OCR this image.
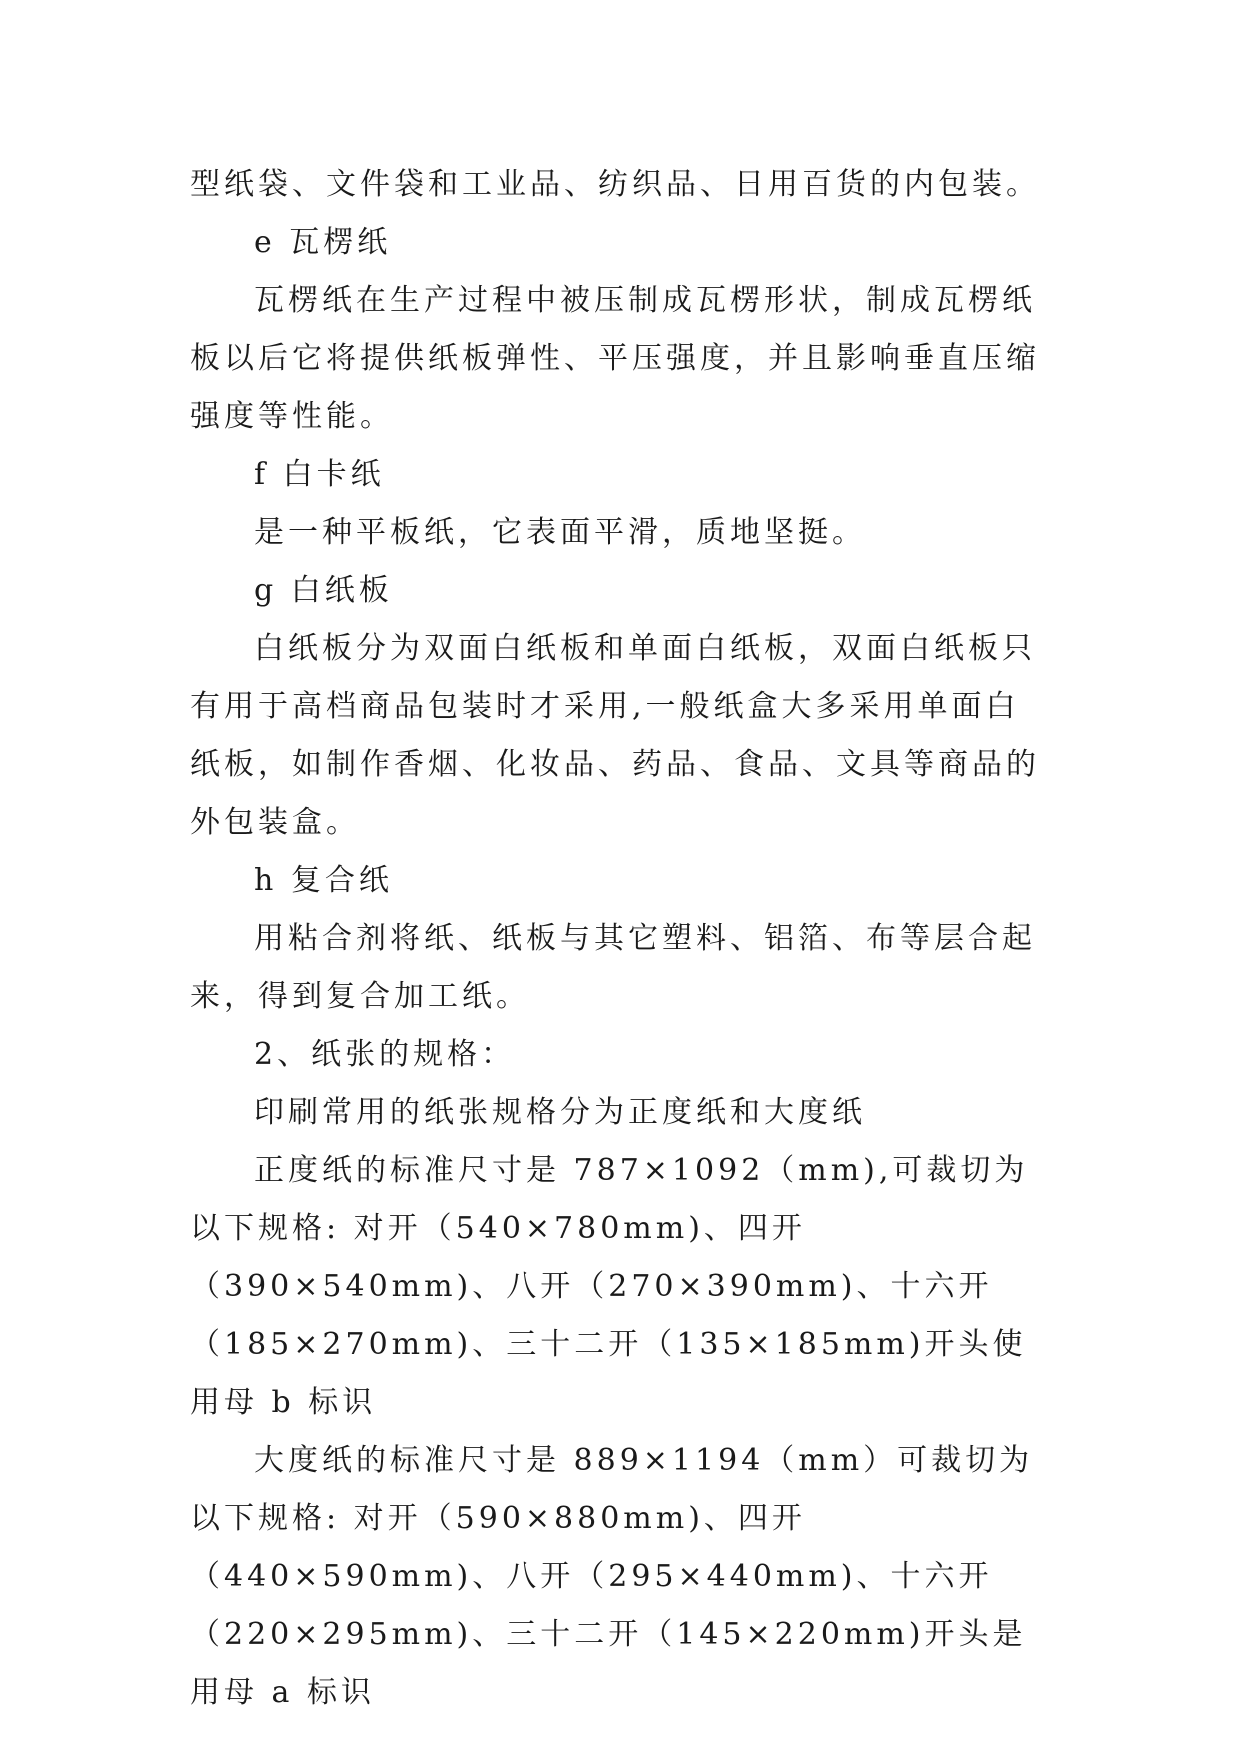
型纸袋、文件袋和工业品、纺织品、日用百货的内包装。

e 瓦楞纸

瓦楞纸在生产过程中被压制成瓦楞形状，制成瓦楞纸板以后它将提供纸板弹性、平压强度，并且影响垂直压缩强度等性能。

f 白卡纸

是一种平板纸，它表面平滑，质地坚挺。

g 白纸板

白纸板分为双面白纸板和单面白纸板，双面白纸板只有用于高档商品包装时才采用,一般纸盒大多采用单面白纸板，如制作香烟、化妆品、药品、食品、文具等商品的外包装盒。

h 复合纸

用粘合剂将纸、纸板与其它塑料、铝箔、布等层合起来，得到复合加工纸。

2、纸张的规格：

印刷常用的纸张规格分为正度纸和大度纸

正度纸的标准尺寸是 787×1092（mm),可裁切为以下规格: 对开（540×780mm)、四开（390×540mm)、八开（270×390mm)、十六开（185×270mm)、三十二开（135×185mm)开头使用母 b 标识

大度纸的标准尺寸是 889×1194（mm）可裁切为以下规格: 对开（590×880mm)、四开（440×590mm)、八开（295×440mm)、十六开（220×295mm)、三十二开（145×220mm)开头是用母 a 标识
